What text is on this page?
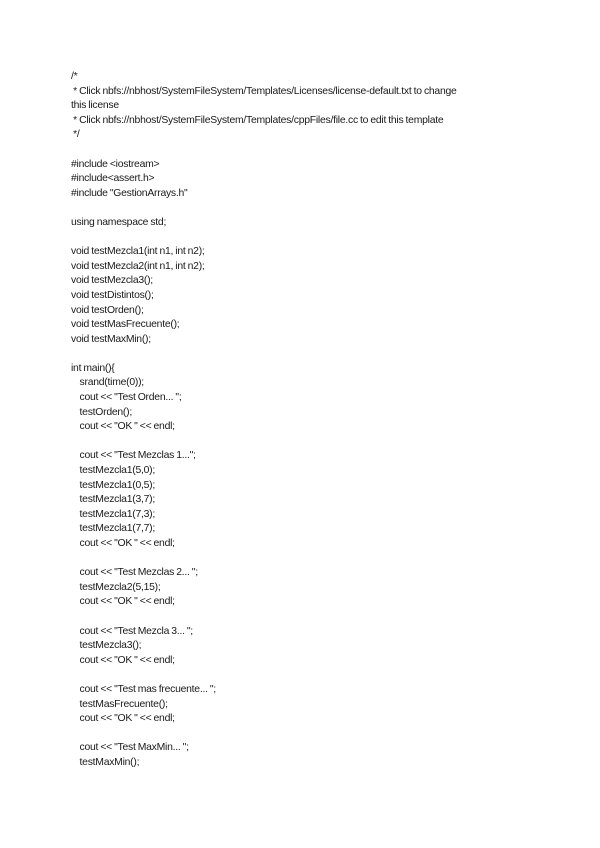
/*
* Click nbfs://nbhost/SystemFileSystem/Templates/Licenses/license-default.txt to change
this license
* Click nbfs://nbhost/SystemFileSystem/Templates/cppFiles/file.cc to edit this template
*/
#include <iostream>
#include<assert.h>
#include "GestionArrays.h"
using namespace std;
void testMezcla1(int n1, int n2);
void testMezcla2(int n1, int n2);
void testMezcla3();
void testDistintos();
void testOrden();
void testMasFrecuente();
void testMaxMin();
int main(){
srand(time(0));
cout << "Test Orden... ";
testOrden();
cout << "OK " << endl;
cout << "Test Mezclas 1...";
testMezcla1(5,0);
testMezcla1(0,5);
testMezcla1(3,7);
testMezcla1(7,3);
testMezcla1(7,7);
cout << "OK " << endl;
cout << "Test Mezclas 2... ";
testMezcla2(5,15);
cout << "OK " << endl;
cout << "Test Mezcla 3... ";
testMezcla3();
cout << "OK " << endl;
cout << "Test mas frecuente... ";
testMasFrecuente();
cout << "OK " << endl;
cout << "Test MaxMin... ";
testMaxMin();
